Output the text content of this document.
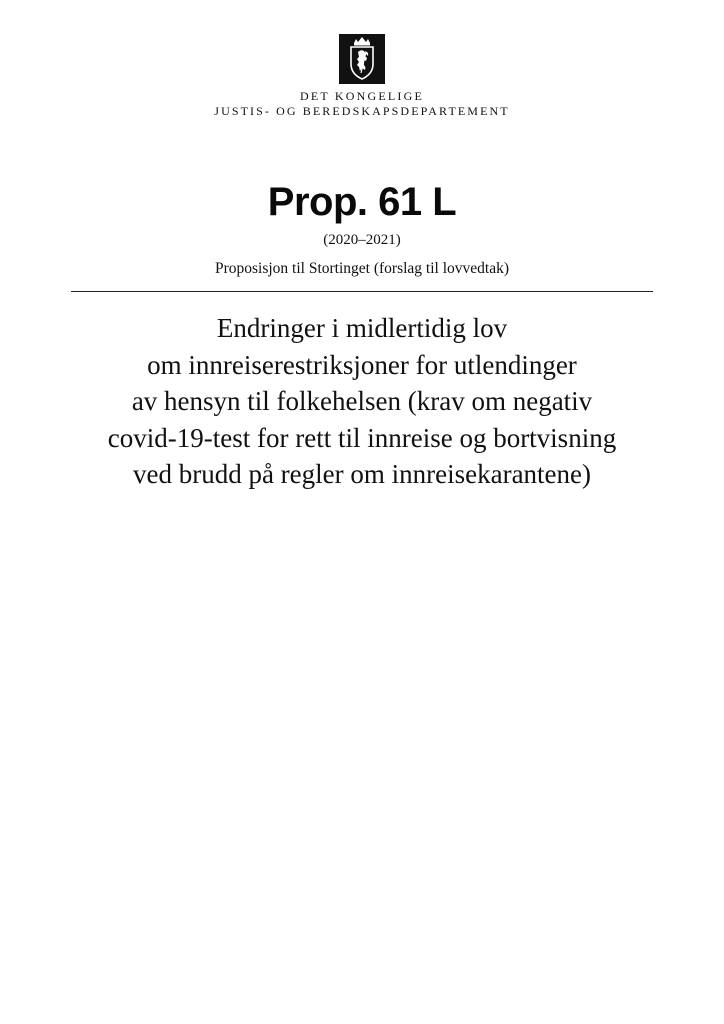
DET KONGELIGE
JUSTIS- OG BEREDSKAPSDEPARTEMENT
Prop. 61 L
(2020–2021)
Proposisjon til Stortinget (forslag til lovvedtak)
Endringer i midlertidig lov
om innreiserestriksjoner for utlendinger
av hensyn til folkehelsen (krav om negativ
covid-19-test for rett til innreise og bortvisning
ved brudd på regler om innreisekarantene)
